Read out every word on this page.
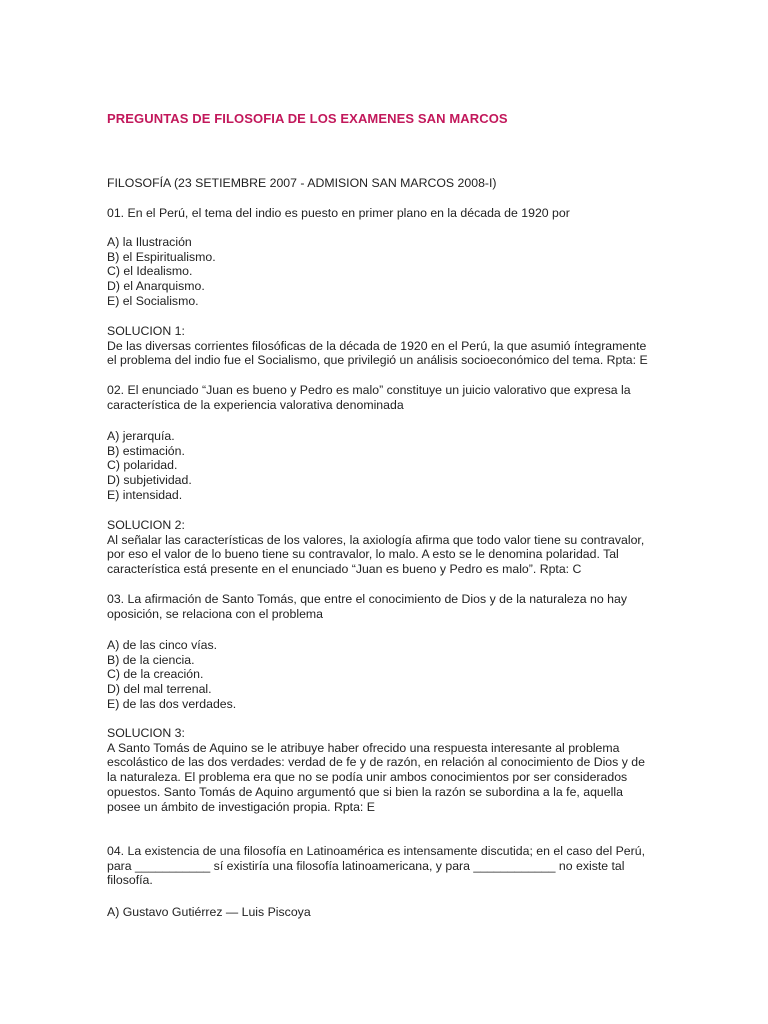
PREGUNTAS DE FILOSOFIA DE LOS EXAMENES SAN MARCOS
FILOSOFÍA (23 SETIEMBRE 2007 - ADMISION SAN MARCOS 2008-I)
01. En el Perú, el tema del indio es puesto en primer plano en la década de 1920 por
A) la Ilustración
B) el Espiritualismo.
C) el Idealismo.
D) el Anarquismo.
E) el Socialismo.
SOLUCION 1:
De las diversas corrientes filosóficas de la década de 1920 en el Perú, la que asumió íntegramente
el problema del indio fue el Socialismo, que privilegió un análisis socioeconómico del tema. Rpta: E
02. El enunciado “Juan es bueno y Pedro es malo” constituye un juicio valorativo que expresa la
característica de la experiencia valorativa denominada
A) jerarquía.
B) estimación.
C) polaridad.
D) subjetividad.
E) intensidad.
SOLUCION 2:
Al señalar las características de los valores, la axiología afirma que todo valor tiene su contravalor,
por eso el valor de lo bueno tiene su contravalor, lo malo. A esto se le denomina polaridad. Tal
característica está presente en el enunciado “Juan es bueno y Pedro es malo”. Rpta: C
03. La afirmación de Santo Tomás, que entre el conocimiento de Dios y de la naturaleza no hay
oposición, se relaciona con el problema
A) de las cinco vías.
B) de la ciencia.
C) de la creación.
D) del mal terrenal.
E) de las dos verdades.
SOLUCION 3:
A Santo Tomás de Aquino se le atribuye haber ofrecido una respuesta interesante al problema
escolástico de las dos verdades: verdad de fe y de razón, en relación al conocimiento de Dios y de
la naturaleza. El problema era que no se podía unir ambos conocimientos por ser considerados
opuestos. Santo Tomás de Aquino argumentó que si bien la razón se subordina a la fe, aquella
posee un ámbito de investigación propia. Rpta: E
04. La existencia de una filosofía en Latinoamérica es intensamente discutida; en el caso del Perú,
para ___________ sí existiría una filosofía latinoamericana, y para ____________ no existe tal
filosofía.
A) Gustavo Gutiérrez — Luis Piscoya
